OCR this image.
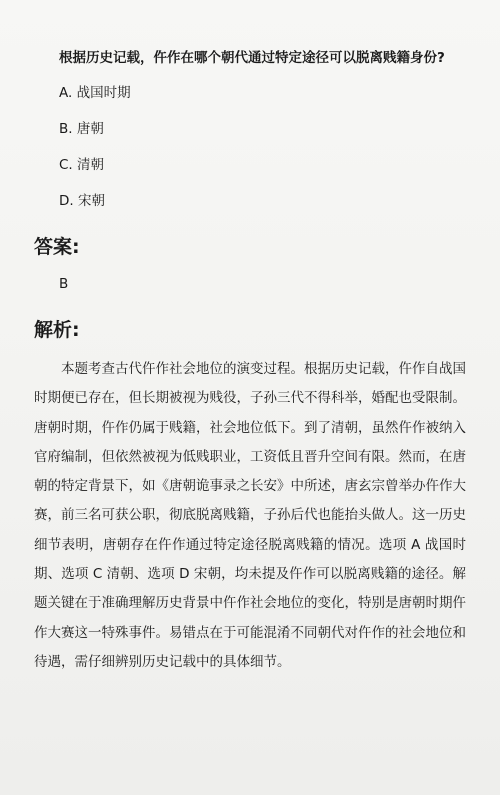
根据历史记载，仵作在哪个朝代通过特定途径可以脱离贱籍身份?
A. 战国时期
B. 唐朝
C. 清朝
D. 宋朝
答案:
B
解析:
本题考查古代仵作社会地位的演变过程。根据历史记载，仵作自战国时期便已存在，但长期被视为贱役，子孙三代不得科举，婚配也受限制。唐朝时期，仵作仍属于贱籍，社会地位低下。到了清朝，虽然仵作被纳入官府编制，但依然被视为低贱职业，工资低且晋升空间有限。然而，在唐朝的特定背景下，如《唐朝诡事录之长安》中所述，唐玄宗曾举办仵作大赛，前三名可获公职，彻底脱离贱籍，子孙后代也能抬头做人。这一历史细节表明，唐朝存在仵作通过特定途径脱离贱籍的情况。选项 A 战国时期、选项 C 清朝、选项 D 宋朝，均未提及仵作可以脱离贱籍的途径。解题关键在于准确理解历史背景中仵作社会地位的变化，特别是唐朝时期仵作大赛这一特殊事件。易错点在于可能混淆不同朝代对仵作的社会地位和待遇，需仔细辨别历史记载中的具体细节。
